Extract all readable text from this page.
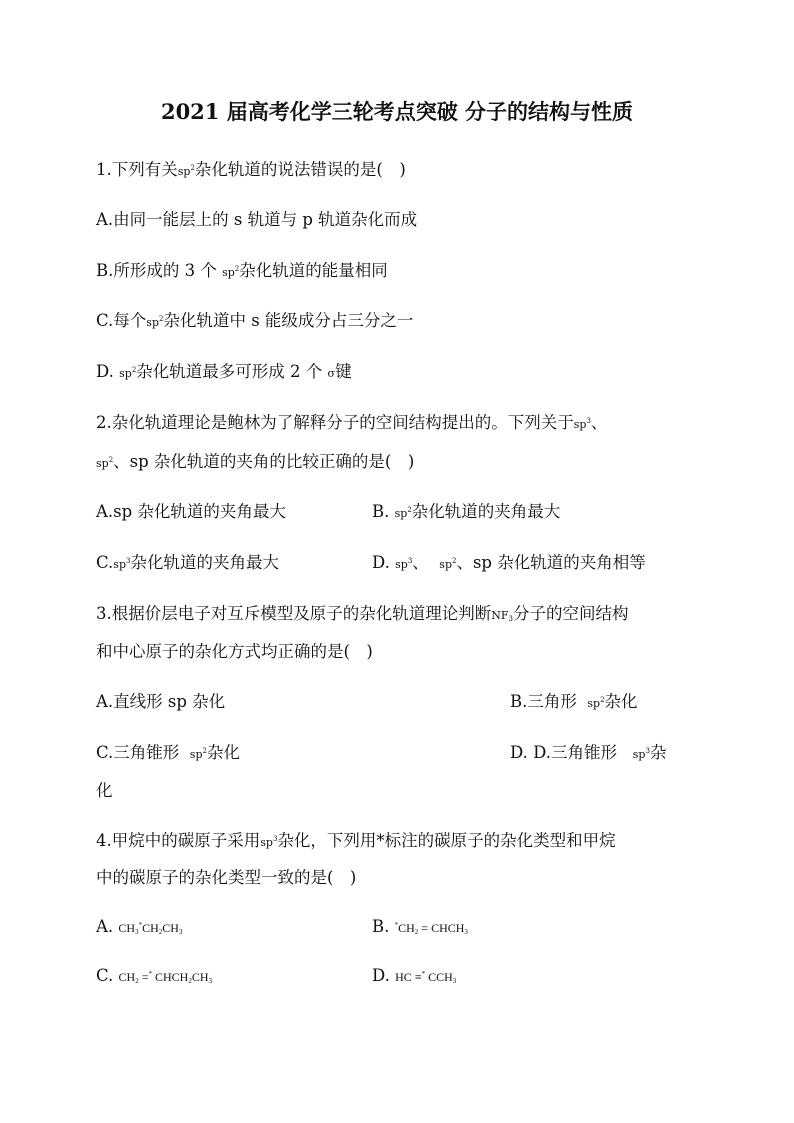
2021 届高考化学三轮考点突破 分子的结构与性质
1.下列有关$sp^2$杂化轨道的说法错误的是(　)
A.由同一能层上的 s 轨道与 p 轨道杂化而成
B.所形成的 3 个 $sp^2$杂化轨道的能量相同
C.每个$sp^2$杂化轨道中 s 能级成分占三分之一
D. $sp^2$杂化轨道最多可形成 2 个 σ键
2.杂化轨道理论是鲍林为了解释分子的空间结构提出的。下列关于$sp^3$、
$sp^2$、sp 杂化轨道的夹角的比较正确的是(　)
A.sp 杂化轨道的夹角最大	B. $sp^2$杂化轨道的夹角最大
$C.sp^3$杂化轨道的夹角最大	D. $sp^3$、 $sp^2$、sp 杂化轨道的夹角相等
3.根据价层电子对互斥模型及原子的杂化轨道理论判断$NF_3$分子的空间结构
和中心原子的杂化方式均正确的是(　)
A.直线形 sp 杂化	B.三角形 $sp^2$杂化
C.三角锥形 $sp^2$杂化	D. D.三角锥形 $sp^3$杂
化
4.甲烷中的碳原子采用$sp^3$杂化，下列用*标注的碳原子的杂化类型和甲烷
中的碳原子的杂化类型一致的是(　)
A. $CH_3^*CH_2CH_3$	B. $^*CH_2$ = $CHCH_3$
C. $CH_2 =^*$ $CHCH_2CH_3$	D. HC ≡* $CCH_3$
